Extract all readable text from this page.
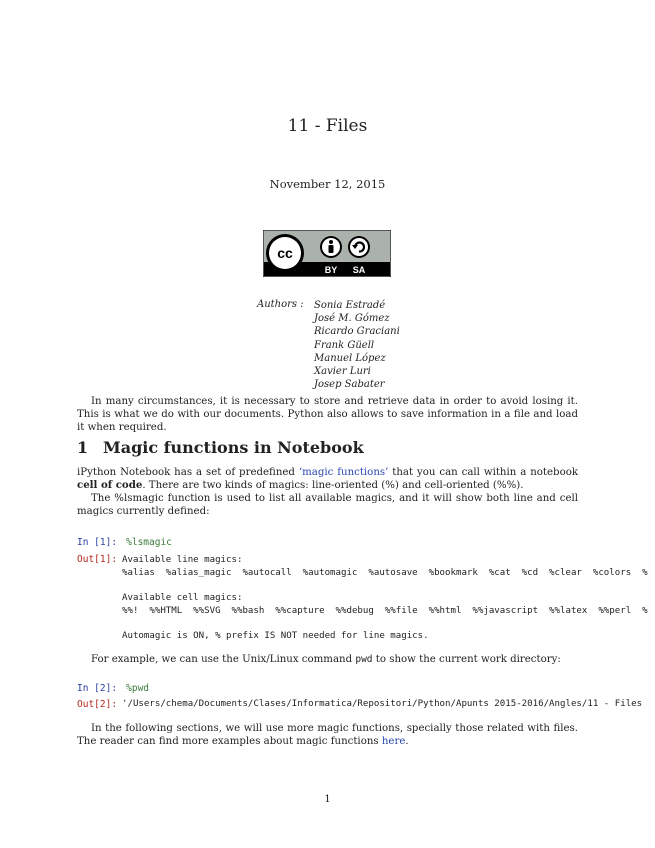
11 - Files
November 12, 2015
cc
BY SA
Authors : Sonia Estradé
José M. Gómez
Ricardo Graciani
Frank Güell
Manuel López
Xavier Luri
Josep Sabater
In many circumstances, it is necessary to store and retrieve data in order to avoid losing it. This is what we do with our documents. Python also allows to save information in a file and load it when required.
1 Magic functions in Notebook
iPython Notebook has a set of predefined ‘magic functions’ that you can call within a notebook cell of code. There are two kinds of magics: line-oriented (%) and cell-oriented (%%).
The %lsmagic function is used to list all available magics, and it will show both line and cell magics currently defined:
In [1]: %lsmagic
Out[1]: Available line magics:
%alias  %alias_magic  %autocall  %automagic  %autosave  %bookmark  %cat  %cd  %clear  %colors  %
Available cell magics:
%%!  %%HTML  %%SVG  %%bash  %%capture  %%debug  %%file  %%html  %%javascript  %%latex  %%perl  %
Automagic is ON, % prefix IS NOT needed for line magics.
For example, we can use the Unix/Linux command pwd to show the current work directory:
In [2]: %pwd
Out[2]: '/Users/chema/Documents/Clases/Informatica/Repositori/Python/Apunts 2015-2016/Angles/11 - Files
In the following sections, we will use more magic functions, specially those related with files. The reader can find more examples about magic functions here.
1
